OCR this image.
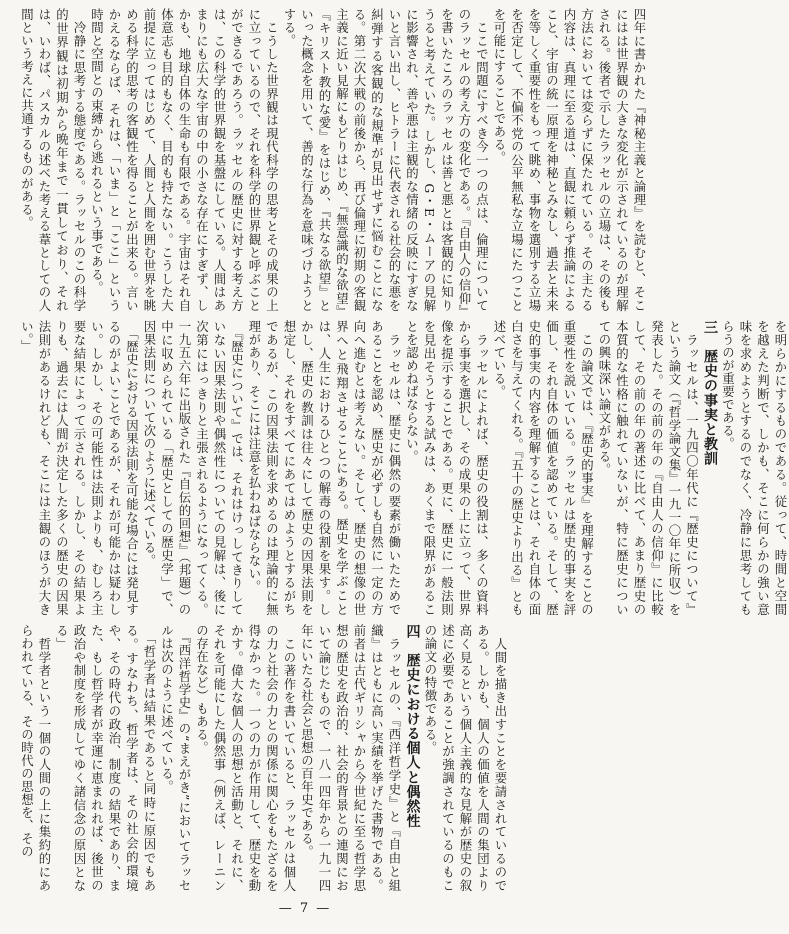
四年に書かれた『神秘主義と論理』を読むと、そこにはは世界観の大きな変化が示されているのが理解される。後者で示したラッセルの立場は、その後も方法においては変らずに保たれている。その主たる内容は、真理に至る道は、直観に頼らず推論によること、宇宙の統一原理を神秘とみなし、過去と未来を等しく重要性をもって眺め、事物を選別する立場を否定して、不偏不党の公平無私な立場にたつことを可能にすることである。
　ここで問題にすべき今一つの点は、倫理についてのラッセルの考え方の変化である。『自由人の信仰』を書いたころのラッセルは善と悪とは客観的に知りうると考えていた。しかし、G・E・ムーアの見解に影響され、善や悪は主観的な情緒の反映にすぎないと言い出し、ヒトラーに代表される社会的な悪を糾弾する客観的な規準が見出せずに悩むことになる。第二次大戦の前後から、再び倫理に初期の客観主義に近い見解にもどりはじめ、『無意識的な欲望』『キリスト教的な愛』をはじめ、『共なる欲望』といった概念を用いて、善的な行為を意味づけようとする。
　こうした世界観は現代科学の思考とその成果の上に立っているので、それを科学的世界観と呼ぶことができるであろう。ラッセルの歴史に対する考え方は、この科学的世界観を基盤にしている。人間はあまりにも広大な宇宙の中の小さな存在にすぎず、しかも、地球自体の生命も有限である。宇宙はそれ自体意志も目的もなく、目的も持たない。こうした大前提に立ってはじめて、人間と人間を囲む世界を眺める科学的思考の客観性を得ることが出来る。言いかえるならば、それは、「いま」と「ここ」という時間と空間との束縛から逃れるという事である。
　冷静に思考する態度である。ラッセルのこの科学的世界観は初期から晩年まで一貫しており、それは、いわば、パスカルの述べた考える葦としての人間という考えに共通するものがある。
を明らかにするものである。従って、時間と空間を越えた判断で、しかも、そこに何らかの強い意味を求めようとするのでなく、冷静に思考してもらうのが重要である。
三　歴史の事実と教訓
　ラッセルは、一九四〇年代に『歴史について』という論文（『哲学論文集』一九一〇年に所収）を発表した。その前の年の『自由人の信仰』に比較して、その前の年の著述に比べて、あまり歴史の本質的な性格に触れていないが、特に歴史についての興味深い論文がある。
　この論文では、『歴史的事実』を理解することの重要性を説いている。ラッセルは歴史的事実を評価し、それ自体の価値を認めている。そして、歴史的事実の内容を理解することは、それ自体の面白さを与えてくれる。『五十の歴史より出る』とも述べている。
　ラッセルによれば、歴史の役割は、多くの資料から事実を選択し、その成果の上に立って、世界像を提示することである。更に、歴史に一般法則を見出そうとする試みは、あくまで限界があることを認めねばならない。
　ラッセルは、歴史に偶然の要素が働いたためであることを認め、歴史が必ずしも自然に一定の方向へ進むとは考えない。そして、歴史の想像の世界へと飛翔させることにある。歴史を学ぶことは、人生におけるひとつの解毒の役割を果す。しかし、歴史の教訓は往々にして歴史の因果法則を想定し、それをすべてにあてはめようとするがちであるが、この因果法則を求めるのは理論的に無理があり、そこには注意を払わねばならない。
　『歴史について』では、それはけっしてきりしていない因果法則や偶然性についての見解は、後に次第にはっきりと主張されるようになってくる。一九五六年に出版された『自伝的回想』（邦題）の中に収められている「歴史としての歴史学」で、因果法則について次のように述べている。
　「歴史における因果法則を可能な場合には発見するのがよいことであるが、それが可能かは疑わしい。しかし、その可能性は法則よりも、むしろ主要な結果によって示される。しかし、その結果よりも、過去には人間が決定した多くの歴史の因果法則があるけれども、そこには主観のほうが大きい。」

　人間を描き出すことを要請されているのである。しかも、個人の価値を人間の集団より高く見るという個人主義的な見解が歴史の叙述に必要であることが強調されているのもこの論文の特徴である。
四　歴史における個人と偶然性
　ラッセルの、『西洋哲学史』と『自由と組織』はともに高い実績を挙げた書物である。前者は古代ギリシャから今世紀に至る哲学思想の歴史を政治的、社会的背景との連関において論じたもので、一八一四年から一九一四年にいたる社会と思想の百年史である。
　この著作を書いていると、ラッセルは個人の力と社会の力との関係に関心をもたざるを得なかった。一つの力が作用して、歴史を動かす。偉大な個人の思想と活動と、それに、それを可能にした偶然事（例えば、レーニンの存在など）もある。
　『西洋哲学史』の“まえがき”においてラッセルは次のように述べている。
　「哲学者は結果であると同時に原因でもある。すなわち、哲学者は、その社会的環境や、その時代の政治、制度の結果であり、また、もし哲学者が幸運に恵まれれば、後世の政治や制度を形成してゆく諸信念の原因となる」
　哲学者という一個の人間の上に集約的にあらわれている、その時代の思想を、その
— 7 —
